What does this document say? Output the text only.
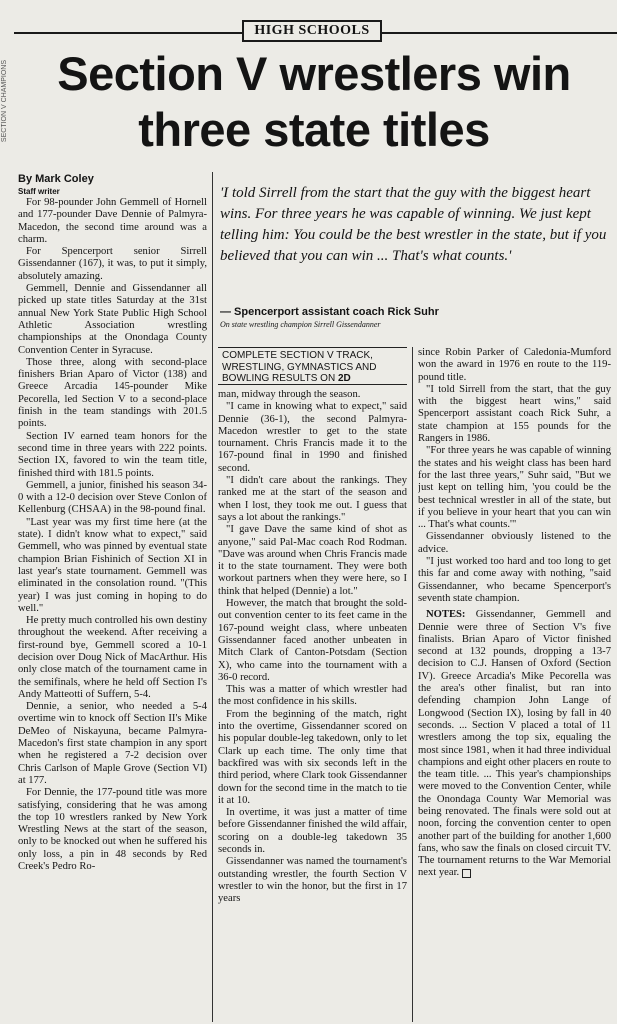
SECTION V CHAMPIONS
HIGH SCHOOLS
Section V wrestlers win three state titles

'I told Sirrell from the start that the guy with the biggest heart wins. For three years he was capable of winning. We just kept telling him: You could be the best wrestler in the state, but if you believed that you can win ... That's what counts.'

— Spencerport assistant coach Rick Suhr
On state wrestling champion Sirrell Gissendanner

By Mark Coley

Staff writer

For 98-pounder John Gemmell of Hornell and 177-pounder Dave Dennie of Palmyra-Macedon, the second time around was a charm.

For Spencerport senior Sirrell Gissendanner (167), it was, to put it simply, absolutely amazing.

Gemmell, Dennie and Gissendanner all picked up state titles Saturday at the 31st annual New York State Public High School Athletic Association wrestling championships at the Onondaga County Convention Center in Syracuse.

Those three, along with second-place finishers Brian Aparo of Victor (138) and Greece Arcadia 145-pounder Mike Pecorella, led Section V to a second-place finish in the team standings with 201.5 points.

Section IV earned team honors for the second time in three years with 222 points. Section IX, favored to win the team title, finished third with 181.5 points.

Gemmell, a junior, finished his season 34-0 with a 12-0 decision over Steve Conlon of Kellenburg (CHSAA) in the 98-pound final.

"Last year was my first time here (at the state). I didn't know what to expect," said Gemmell, who was pinned by eventual state champion Brian Fishinich of Section XI in last year's state tournament. Gemmell was eliminated in the consolation round. "(This year) I was just coming in hoping to do well."

He pretty much controlled his own destiny throughout the weekend. After receiving a first-round bye, Gemmell scored a 10-1 decision over Doug Nick of MacArthur. His only close match of the tournament came in the semifinals, where he held off Section I's Andy Matteotti of Suffern, 5-4.

Dennie, a senior, who needed a 5-4 overtime win to knock off Section II's Mike DeMeo of Niskayuna, became Palmyra-Macedon's first state champion in any sport when he registered a 7-2 decision over Chris Carlson of Maple Grove (Section VI) at 177.

For Dennie, the 177-pound title was more satisfying, considering that he was among the top 10 wrestlers ranked by New York Wrestling News at the start of the season, only to be knocked out when he suffered his only loss, a pin in 48 seconds by Red Creek's Pedro Ro-

COMPLETE SECTION V TRACK, WRESTLING, GYMNASTICS AND BOWLING RESULTS ON 2D

man, midway through the season.

"I came in knowing what to expect," said Dennie (36-1), the second Palmyra-Macedon wrestler to get to the state tournament. Chris Francis made it to the 167-pound final in 1990 and finished second.

"I didn't care about the rankings. They ranked me at the start of the season and when I lost, they took me out. I guess that says a lot about the rankings."

"I gave Dave the same kind of shot as anyone," said Pal-Mac coach Rod Rodman. "Dave was around when Chris Francis made it to the state tournament. They were both workout partners when they were here, so I think that helped (Dennie) a lot."

However, the match that brought the sold-out convention center to its feet came in the 167-pound weight class, where unbeaten Gissendanner faced another unbeaten in Mitch Clark of Canton-Potsdam (Section X), who came into the tournament with a 36-0 record.

This was a matter of which wrestler had the most confidence in his skills.

From the beginning of the match, right into the overtime, Gissendanner scored on his popular double-leg takedown, only to let Clark up each time. The only time that backfired was with six seconds left in the third period, where Clark took Gissendanner down for the second time in the match to tie it at 10.

In overtime, it was just a matter of time before Gissendanner finished the wild affair, scoring on a double-leg takedown 35 seconds in.

Gissendanner was named the tournament's outstanding wrestler, the fourth Section V wrestler to win the honor, but the first in 17 years

since Robin Parker of Caledonia-Mumford won the award in 1976 en route to the 119-pound title.

"I told Sirrell from the start, that the guy with the biggest heart wins," said Spencerport assistant coach Rick Suhr, a state champion at 155 pounds for the Rangers in 1986.

"For three years he was capable of winning the states and his weight class has been hard for the last three years," Suhr said, "But we just kept on telling him, 'you could be the best technical wrestler in all of the state, but if you believe in your heart that you can win ... That's what counts.'"

Gissendanner obviously listened to the advice.

"I just worked too hard and too long to get this far and come away with nothing, "said Gissendanner, who became Spencerport's seventh state champion.

NOTES: Gissendanner, Gemmell and Dennie were three of Section V's five finalists. Brian Aparo of Victor finished second at 132 pounds, dropping a 13-7 decision to C.J. Hansen of Oxford (Section IV). Greece Arcadia's Mike Pecorella was the area's other finalist, but ran into defending champion John Lange of Longwood (Section IX), losing by fall in 40 seconds. ... Section V placed a total of 11 wrestlers among the top six, equaling the most since 1981, when it had three individual champions and eight other placers en route to the team title. ... This year's championships were moved to the Convention Center, while the Onondaga County War Memorial was being renovated. The finals were sold out at noon, forcing the convention center to open another part of the building for another 1,600 fans, who saw the finals on closed circuit TV. The tournament returns to the War Memorial next year.
